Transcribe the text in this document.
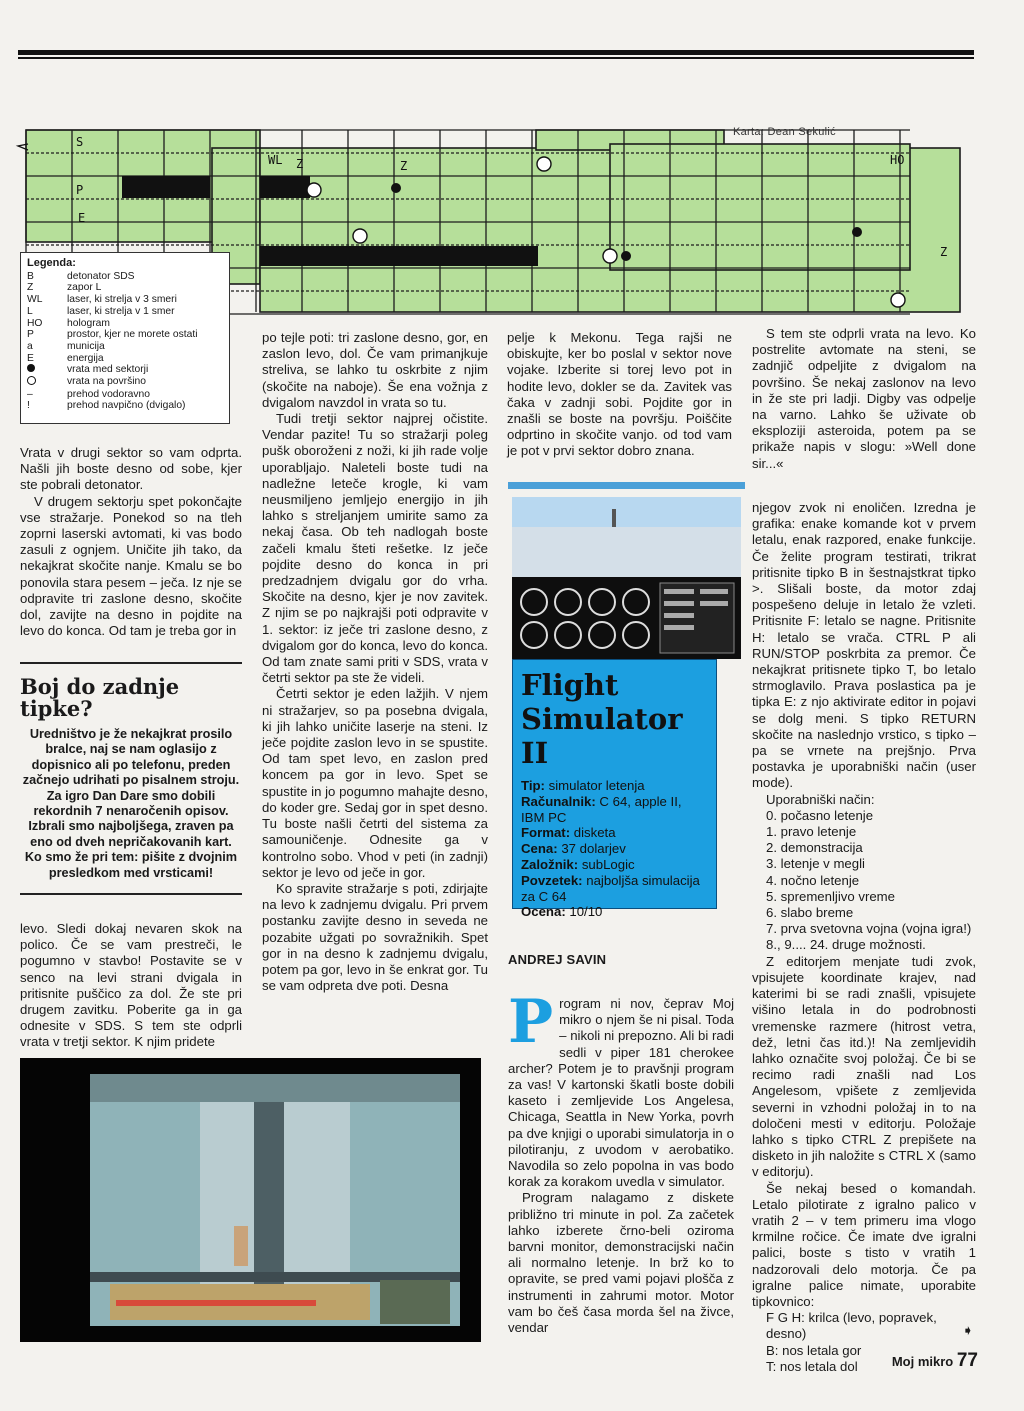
S
P
E
WL Z	Z	HO
Z
Karta: Dean Sekulić
Legenda:
B	detonator SDS
Z	zapor L
WL	laser, ki strelja v 3 smeri
L	laser, ki strelja v 1 smer
HO	hologram
P	prostor, kjer ne morete ostati
a	municija
E	energija
vrata med sektorji
vrata na površino
–	prehod vodoravno
!	prehod navpično (dvigalo)

Vrata v drugi sektor so vam odprta. Našli jih boste desno od sobe, kjer ste pobrali detonator.

V drugem sektorju spet pokončajte vse stražarje. Ponekod so na tleh zoprni laserski avtomati, ki vas bodo zasuli z ognjem. Uničite jih tako, da nekajkrat skočite nanje. Kmalu se bo ponovila stara pesem – ječa. Iz nje se odpravite tri zaslone desno, skočite dol, zavijte na desno in pojdite na levo do konca. Od tam je treba gor in

Boj do zadnje tipke?
Uredništvo je že nekajkrat prosilo bralce, naj se nam oglasijo z dopisnico ali po telefonu, preden začnejo udrihati po pisalnem stroju. Za igro Dan Dare smo dobili rekordnih 7 nenaročenih opisov. Izbrali smo najboljšega, zraven pa eno od dveh nepričakovanih kart. Ko smo že pri tem: pišite z dvojnim presledkom med vrsticami!

levo. Sledi dokaj nevaren skok na polico. Če se vam prestreči, le pogumno v stavbo! Postavite se v senco na levi strani dvigala in pritisnite puščico za dol. Že ste pri drugem zavitku. Poberite ga in ga odnesite v SDS. S tem ste odprli vrata v tretji sektor. K njim pridete

po tejle poti: tri zaslone desno, gor, en zaslon levo, dol. Če vam primanjkuje streliva, se lahko tu oskrbite z njim (skočite na naboje). Še ena vožnja z dvigalom navzdol in vrata so tu.

Tudi tretji sektor najprej očistite. Vendar pazite! Tu so stražarji poleg pušk oboroženi z noži, ki jih rade volje uporabljajo. Naleteli boste tudi na nadležne leteče krogle, ki vam neusmiljeno jemljejo energijo in jih lahko s streljanjem umirite samo za nekaj časa. Ob teh nadlogah boste začeli kmalu šteti rešetke. Iz ječe pojdite desno do konca in pri predzadnjem dvigalu gor do vrha. Skočite na desno, kjer je nov zavitek. Z njim se po najkrajši poti odpravite v 1. sektor: iz ječe tri zaslone desno, z dvigalom gor do konca, levo do konca. Od tam znate sami priti v SDS, vrata v četrti sektor pa ste že videli.

Četrti sektor je eden lažjih. V njem ni stražarjev, so pa posebna dvigala, ki jih lahko uničite laserje na steni. Iz ječe pojdite zaslon levo in se spustite. Od tam spet levo, en zaslon pred koncem pa gor in levo. Spet se spustite in jo pogumno mahajte desno, do koder gre. Sedaj gor in spet desno. Tu boste našli četrti del sistema za samouničenje. Odnesite ga v kontrolno sobo. Vhod v peti (in zadnji) sektor je levo od ječe in gor.

Ko spravite stražarje s poti, zdirjajte na levo k zadnjemu dvigalu. Pri prvem postanku zavijte desno in seveda ne pozabite užgati po sovražnikih. Spet gor in na desno k zadnjemu dvigalu, potem pa gor, levo in še enkrat gor. Tu se vam odpreta dve poti. Desna

pelje k Mekonu. Tega rajši ne obiskujte, ker bo poslal v sektor nove vojake. Izberite si torej levo pot in hodite levo, dokler se da. Zavitek vas čaka v zadnji sobi. Pojdite gor in znašli se boste na površju. Poiščite odprtino in skočite vanjo. od tod vam je pot v prvi sektor dobro znana.

S tem ste odprli vrata na levo. Ko postrelite avtomate na steni, se zadnjič odpeljite z dvigalom na površino. Še nekaj zaslonov na levo in že ste pri ladji. Digby vas odpelje na varno. Lahko še uživate ob eksploziji asteroida, potem pa se prikaže napis v slogu: »Well done sir...«

Flight Simulator II
Tip: simulator letenja
Računalnik: C 64, apple II, IBM PC
Format: disketa
Cena: 37 dolarjev
Založnik: subLogic
Povzetek: najboljša simulacija za C 64
Ocena: 10/10
ANDREJ SAVIN

Program ni nov, čeprav Moj mikro o njem še ni pisal. Toda – nikoli ni prepozno. Ali bi radi sedli v piper 181 cherokee archer? Potem je to pravšnji program za vas! V kartonski škatli boste dobili kaseto i zemljevide Los Angelesa, Chicaga, Seattla in New Yorka, povrh pa dve knjigi o uporabi simulatorja in o pilotiranju, z uvodom v aerobatiko. Navodila so zelo popolna in vas bodo korak za korakom uvedla v simulator.

Program nalagamo z diskete približno tri minute in pol. Za začetek lahko izberete črno-beli oziroma barvni monitor, demonstracijski način ali normalno letenje. In brž ko to opravite, se pred vami pojavi plošča z instrumenti in zahrumi motor. Motor vam bo češ časa morda šel na živce, vendar

njegov zvok ni enoličen. Izredna je grafika: enake komande kot v prvem letalu, enak razpored, enake funkcije. Če želite program testirati, trikrat pritisnite tipko B in šestnajstkrat tipko >. Slišali boste, da motor zdaj pospešeno deluje in letalo že vzleti. Pritisnite F: letalo se nagne. Pritisnite H: letalo se vrača. CTRL P ali RUN/STOP poskrbita za premor. Če nekajkrat pritisnete tipko T, bo letalo strmoglavilo. Prava poslastica pa je tipka E: z njo aktivirate editor in pojavi se dolg meni. S tipko RETURN skočite na naslednjo vrstico, s tipko – pa se vrnete na prejšnjo. Prva postavka je uporabniški način (user mode).

Uporabniški način:

0. počasno letenje
1. pravo letenje
2. demonstracija
3. letenje v megli
4. nočno letenje
5. spremenljivo vreme
6. slabo breme
7. prva svetovna vojna (vojna igra!)
8., 9.... 24. druge možnosti.

Z editorjem menjate tudi zvok, vpisujete koordinate krajev, nad katerimi bi se radi znašli, vpisujete višino letala in do podrobnosti vremenske razmere (hitrost vetra, dež, letni čas itd.)! Na zemljevidih lahko označite svoj položaj. Če bi se recimo radi znašli nad Los Angelesom, vpišete z zemljevida severni in vzhodni položaj in to na določeni mesti v editorju. Položaje lahko s tipko CTRL Z prepišete na disketo in jih naložite s CTRL X (samo v editorju).

Še nekaj besed o komandah. Letalo pilotirate z igralno palico v vratih 2 – v tem primeru ima vlogo krmilne ročice. Če imate dve igralni palici, boste s tisto v vratih 1 nadzorovali delo motorja. Če pa igralne palice nimate, uporabite tipkovnico:

F G H: krilca (levo, popravek, desno)
B: nos letala gor
T: nos letala dol
➧
Moj mikro 77
